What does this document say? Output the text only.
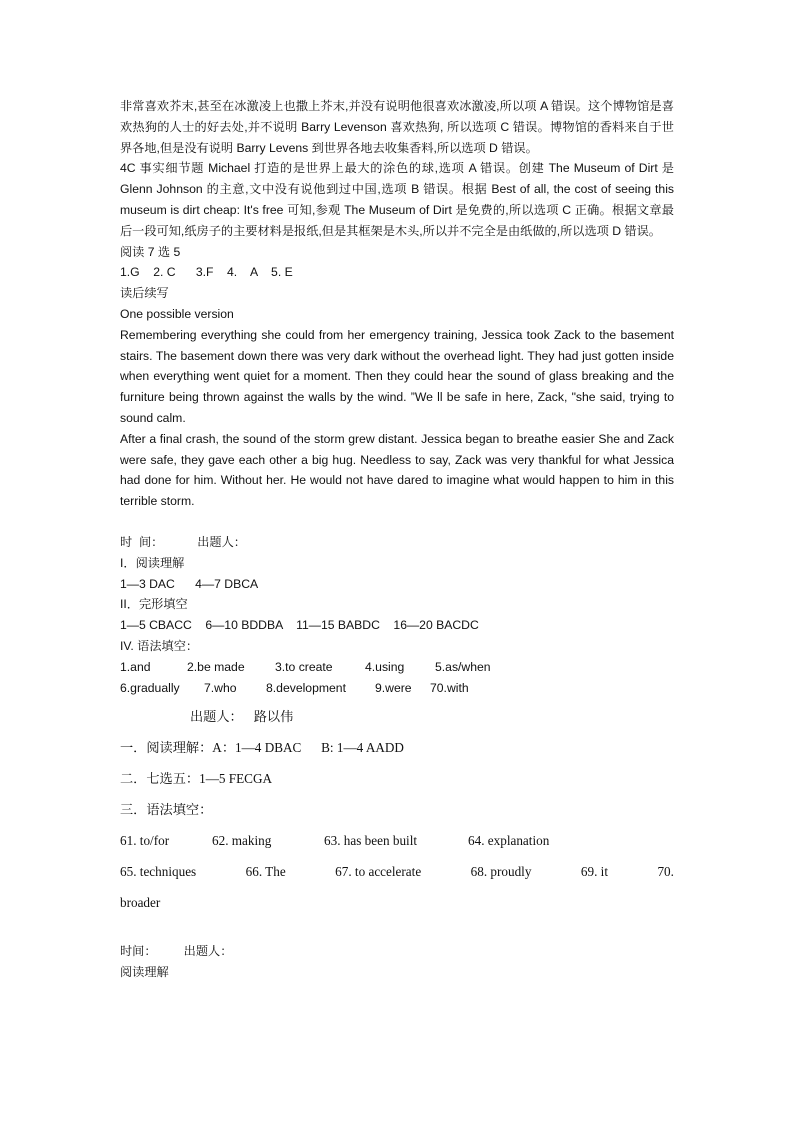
非常喜欢芥末,甚至在冰激凌上也撒上芥末,并没有说明他很喜欢冰激凌,所以项 A 错误。这个博物馆是喜欢热狗的人士的好去处,并不说明 Barry Levenson 喜欢热狗, 所以选项 C 错误。博物馆的香料来自于世界各地,但是没有说明 Barry Levens 到世界各地去收集香料,所以选项 D 错误。

4C 事实细节题 Michael 打造的是世界上最大的涂色的球,选项 A 错误。创建 The Museum of Dirt 是 Glenn Johnson 的主意,文中没有说他到过中国,选项 B 错误。根据 Best of all, the cost of seeing this museum is dirt cheap: It's free 可知,参观 The Museum of Dirt 是免费的,所以选项 C 正确。根据文章最后一段可知,纸房子的主要材料是报纸,但是其框架是木头,所以并不完全是由纸做的,所以选项 D 错误。

阅读 7 选 5

1.G    2. C      3.F    4.    A    5. E

读后续写

One possible version

Remembering everything she could from her emergency training, Jessica took Zack to the basement stairs. The basement down there was very dark without the overhead light. They had just gotten inside when everything went quiet for a moment. Then they could hear the sound of glass breaking and the furniture being thrown against the walls by the wind. ”We ll be safe in here, Zack, "she said, trying to sound calm.

After a final crash, the sound of the storm grew distant. Jessica began to breathe easier She and Zack were safe, they gave each other a big hug. Needless to say, Zack was very thankful for what Jessica had done for him. Without her. He would not have dared to imagine what would happen to him in this terrible storm.

时  间：          出题人：

I．阅读理解

1—3 DAC      4—7 DBCA

II．完形填空

1—5 CBACC    6—10 BDDBA    11—15 BABDC    16—20 BACDC

IV. 语法填空：

1.and	2.be made	3.to create	4.using	5.as/when
6.gradually	7.who	8.development	9.were	70.with

出题人：   路以伟

一．阅读理解：A：1—4 DBAC      B: 1—4 AADD

二．七选五：1—5 FECGA

三．语法填空：

61. to/for	62. making	63. has been built	64. explanation
65. techniques	66. The	67. to accelerate	68. proudly	69. it	70.

broader

时间：        出题人：

阅读理解
